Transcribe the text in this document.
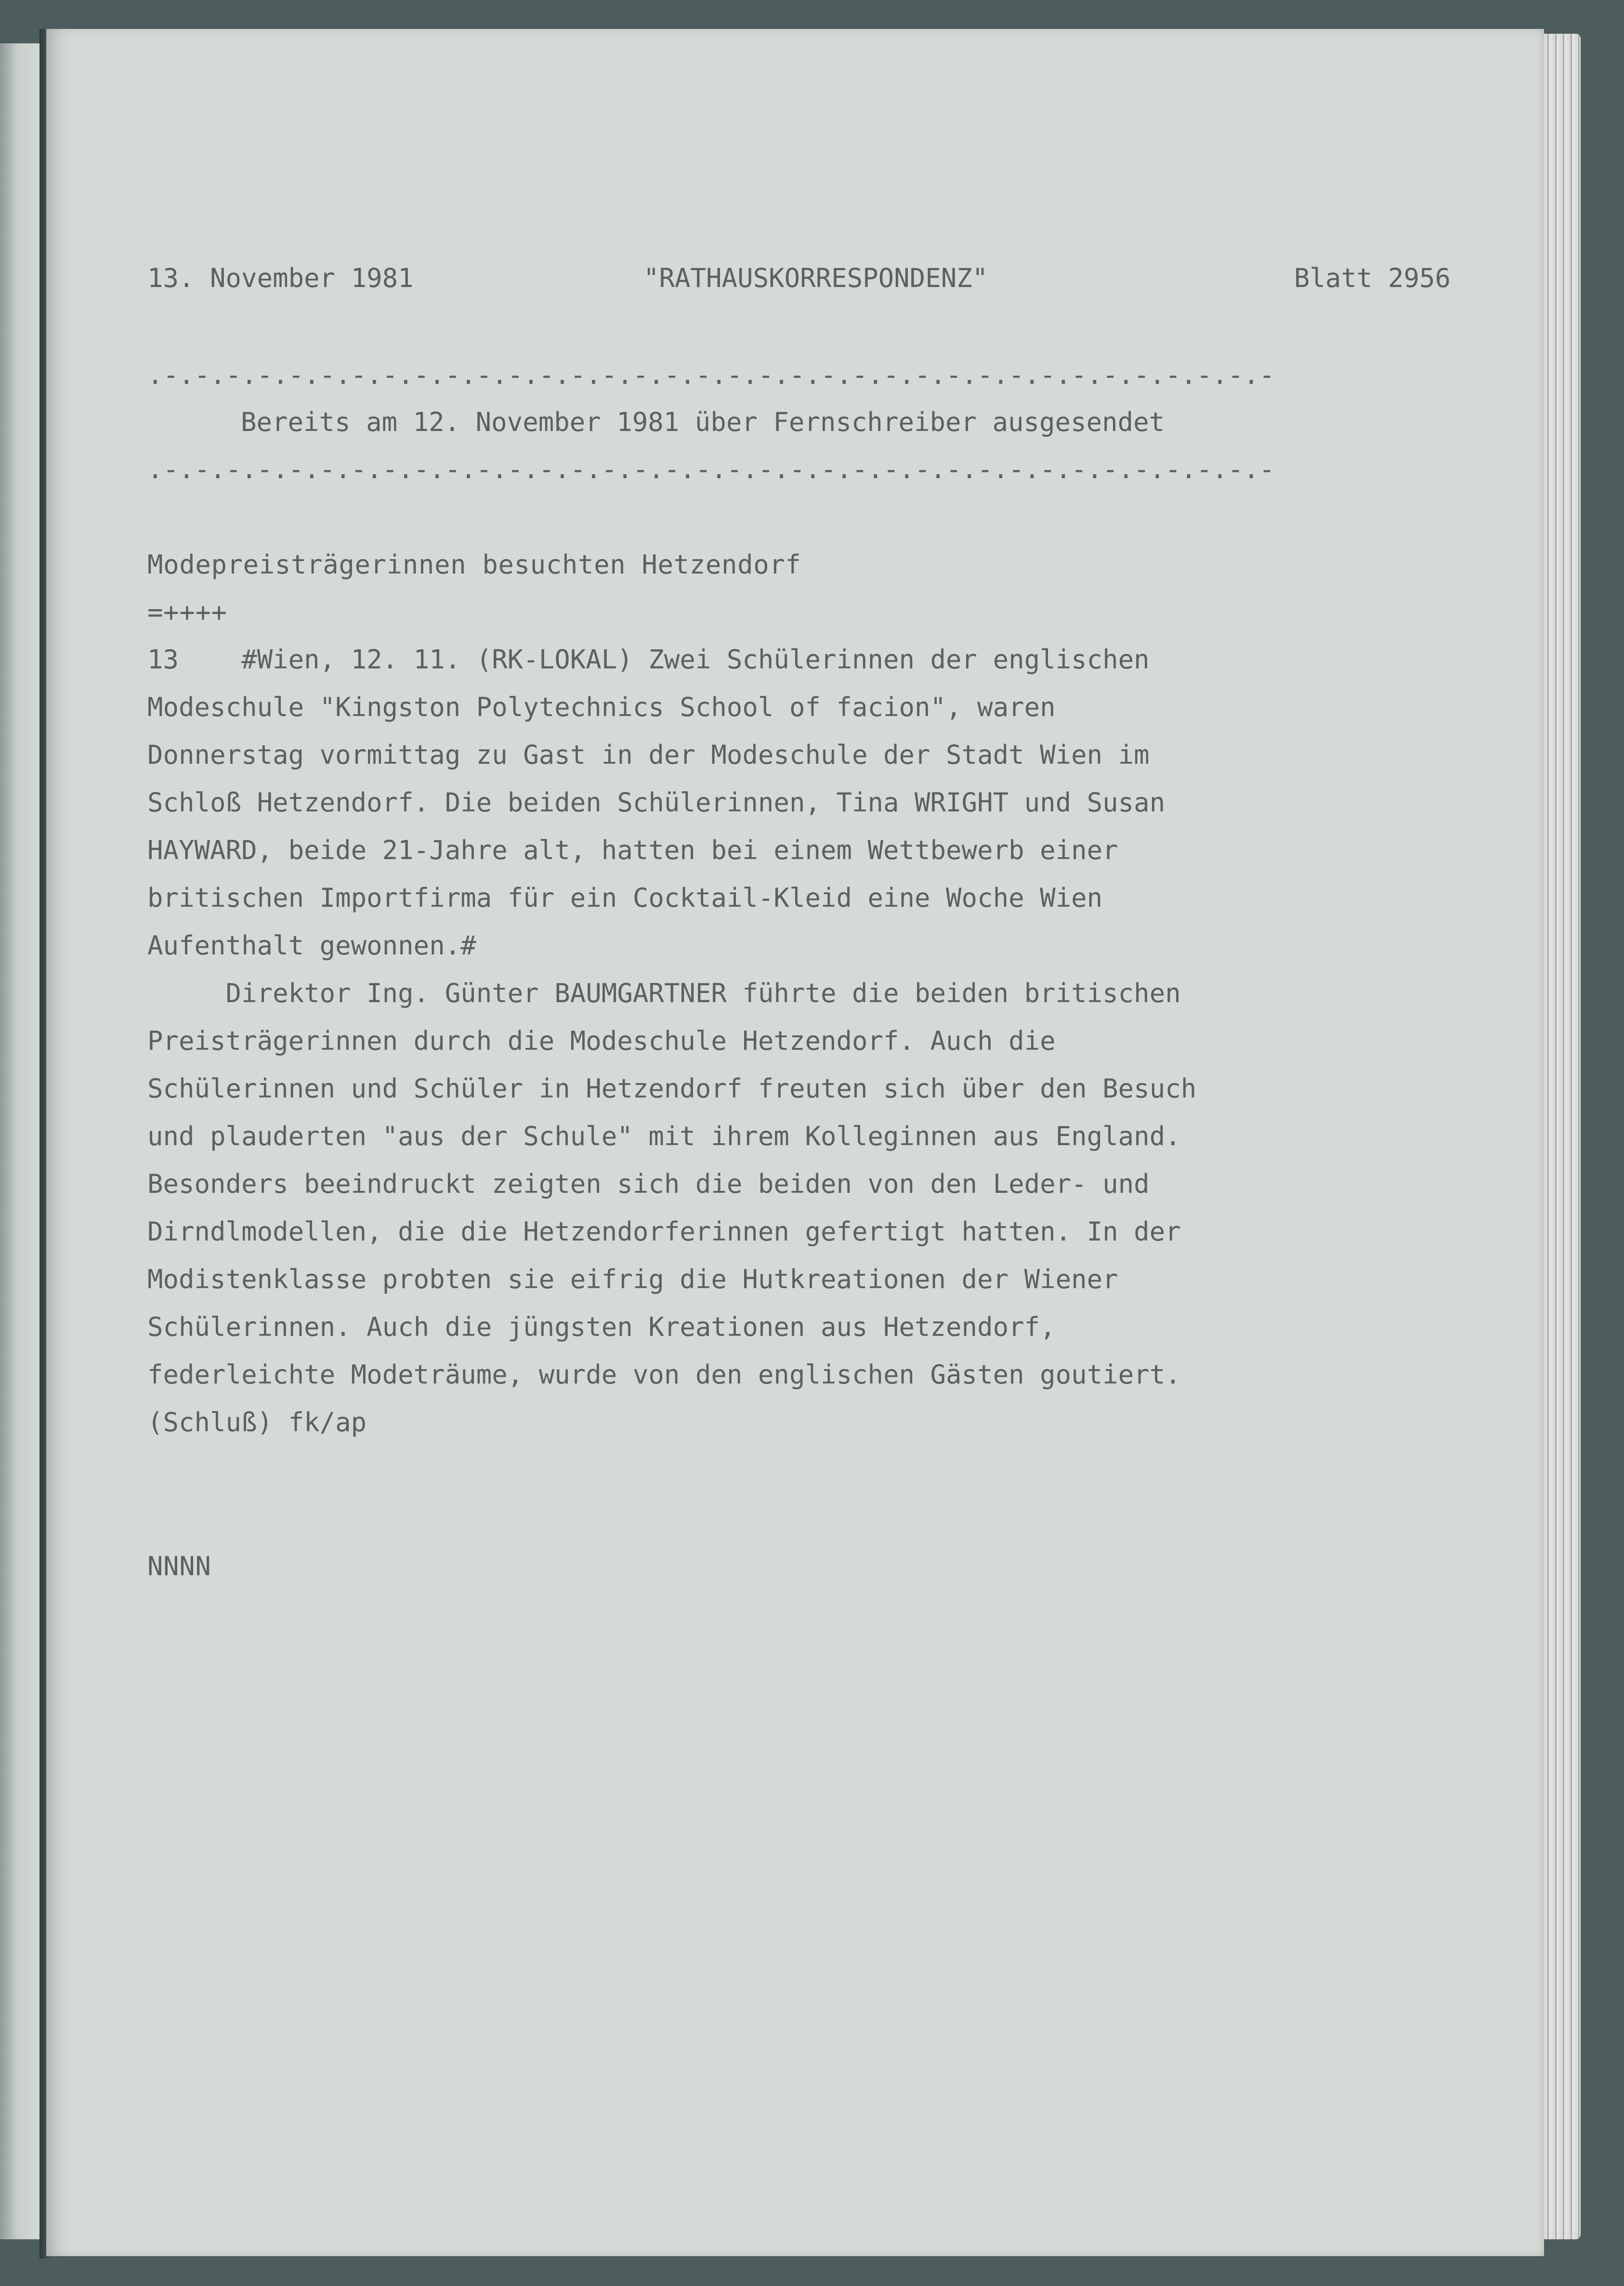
13. November 1981	"RATHAUSKORRESPONDENZ"	Blatt 2956
.-.-.-.-.-.-.-.-.-.-.-.-.-.-.-.-.-.-.-.-.-.-.-.-.-.-.-.-.-.-.-.-.-.-.-.-
Bereits am 12. November 1981 über Fernschreiber ausgesendet
.-.-.-.-.-.-.-.-.-.-.-.-.-.-.-.-.-.-.-.-.-.-.-.-.-.-.-.-.-.-.-.-.-.-.-.-
Modepreisträgerinnen besuchten Hetzendorf
=++++
13    #Wien, 12. 11. (RK-LOKAL) Zwei Schülerinnen der englischen
Modeschule "Kingston Polytechnics School of facion", waren
Donnerstag vormittag zu Gast in der Modeschule der Stadt Wien im
Schloß Hetzendorf. Die beiden Schülerinnen, Tina WRIGHT und Susan
HAYWARD, beide 21-Jahre alt, hatten bei einem Wettbewerb einer
britischen Importfirma für ein Cocktail-Kleid eine Woche Wien
Aufenthalt gewonnen.#
Direktor Ing. Günter BAUMGARTNER führte die beiden britischen
Preisträgerinnen durch die Modeschule Hetzendorf. Auch die
Schülerinnen und Schüler in Hetzendorf freuten sich über den Besuch
und plauderten "aus der Schule" mit ihrem Kolleginnen aus England.
Besonders beeindruckt zeigten sich die beiden von den Leder- und
Dirndlmodellen, die die Hetzendorferinnen gefertigt hatten. In der
Modistenklasse probten sie eifrig die Hutkreationen der Wiener
Schülerinnen. Auch die jüngsten Kreationen aus Hetzendorf,
federleichte Modeträume, wurde von den englischen Gästen goutiert.
(Schluß) fk/ap
NNNN
